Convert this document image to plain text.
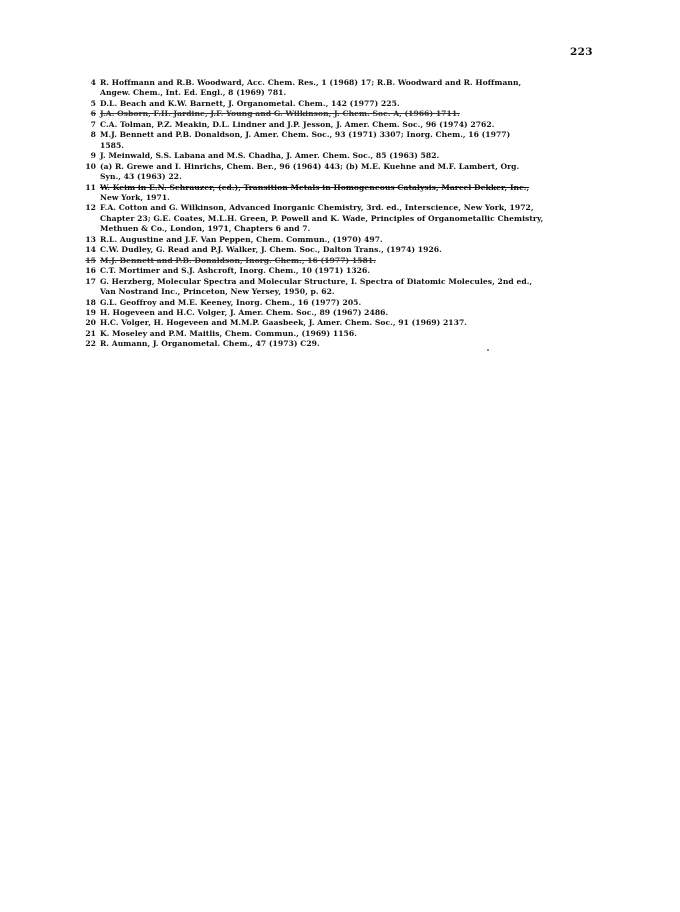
223
4 R. Hoffmann and R.B. Woodward, Acc. Chem. Res., 1 (1968) 17; R.B. Woodward and R. Hoffmann,
Angew. Chem., Int. Ed. Engl., 8 (1969) 781.
5 D.L. Beach and K.W. Barnett, J. Organometal. Chem., 142 (1977) 225.
6 J.A. Osborn, F.H. Jardine, J.F. Young and G. Wilkinson, J. Chem. Soc. A, (1966) 1711.
7 C.A. Tolman, P.Z. Meakin, D.L. Lindner and J.P. Jesson, J. Amer. Chem. Soc., 96 (1974) 2762.
8 M.J. Bennett and P.B. Donaldson, J. Amer. Chem. Soc., 93 (1971) 3307; Inorg. Chem., 16 (1977)
1585.
9 J. Meinwald, S.S. Labana and M.S. Chadha, J. Amer. Chem. Soc., 85 (1963) 582.
10 (a) R. Grewe and I. Hinrichs, Chem. Ber., 96 (1964) 443; (b) M.E. Kuehne and M.F. Lambert, Org.
Syn., 43 (1963) 22.
11 W. Keim in E.N. Schrauzer, (ed.), Transition Metals in Homogeneous Catalysis, Marcel Dekker, Inc.,
New York, 1971.
12 F.A. Cotton and G. Wilkinson, Advanced Inorganic Chemistry, 3rd. ed., Interscience, New York, 1972,
Chapter 23; G.E. Coates, M.L.H. Green, P. Powell and K. Wade, Principles of Organometallic Chemistry,
Methuen & Co., London, 1971, Chapters 6 and 7.
13 R.L. Augustine and J.F. Van Peppen, Chem. Commun., (1970) 497.
14 C.W. Dudley, G. Read and P.J. Walker, J. Chem. Soc., Dalton Trans., (1974) 1926.
15 M.J. Bennett and P.B. Donaldson, Inorg. Chem., 16 (1977) 1581.
16 C.T. Mortimer and S.J. Ashcroft, Inorg. Chem., 10 (1971) 1326.
17 G. Herzberg, Molecular Spectra and Molecular Structure, I. Spectra of Diatomic Molecules, 2nd ed.,
Van Nostrand Inc., Princeton, New Yersey, 1950, p. 62.
18 G.L. Geoffroy and M.E. Keeney, Inorg. Chem., 16 (1977) 205.
19 H. Hogeveen and H.C. Volger, J. Amer. Chem. Soc., 89 (1967) 2486.
20 H.C. Volger, H. Hogeveen and M.M.P. Gaasbeek, J. Amer. Chem. Soc., 91 (1969) 2137.
21 K. Moseley and P.M. Maitlis, Chem. Commun., (1969) 1156.
22 R. Aumann, J. Organometal. Chem., 47 (1973) C29.
